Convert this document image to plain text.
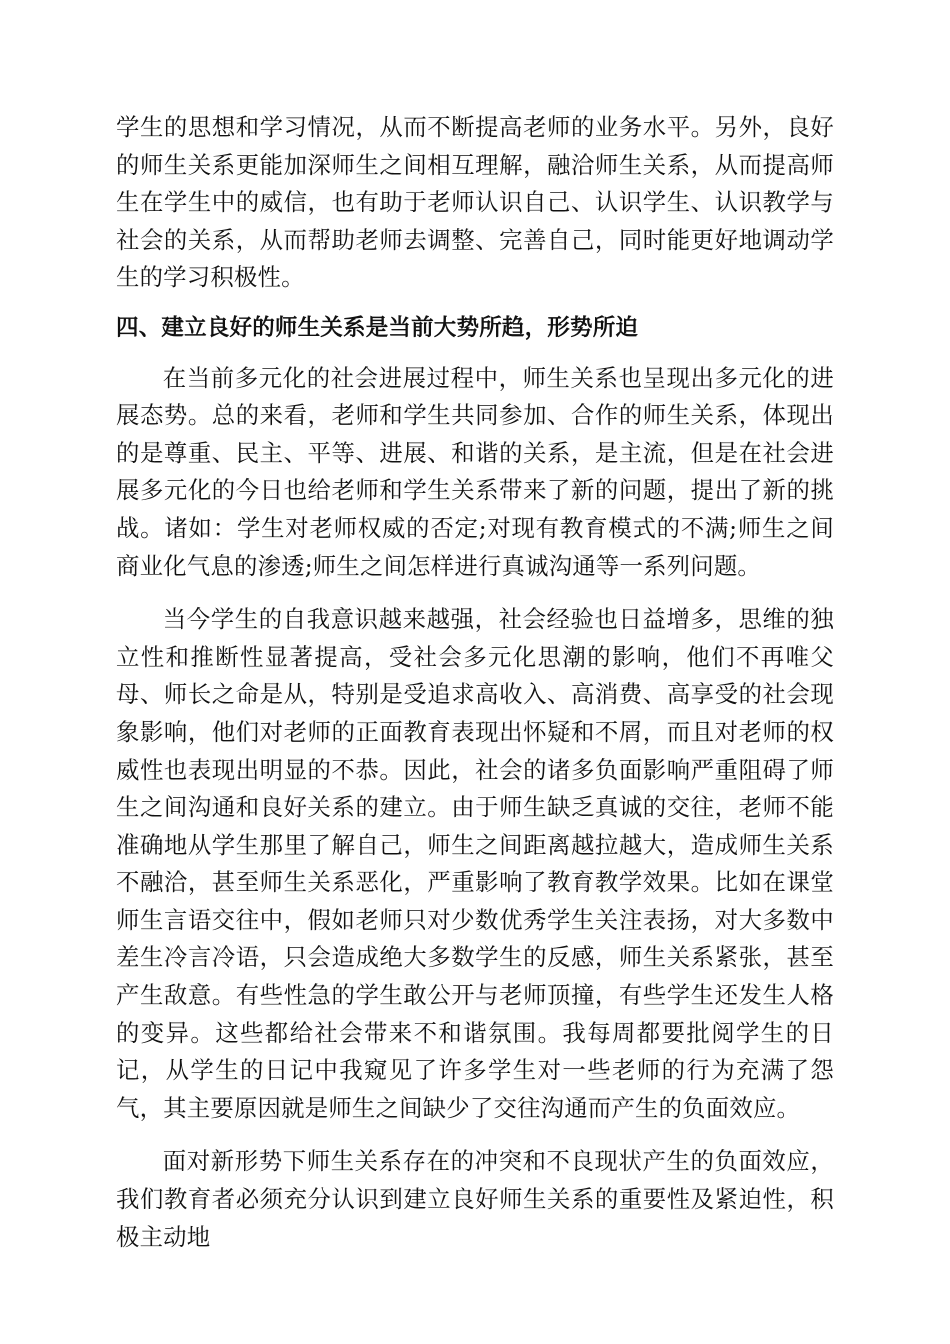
学生的思想和学习情况，从而不断提高老师的业务水平。另外，良好的师生关系更能加深师生之间相互理解，融洽师生关系，从而提高师生在学生中的威信，也有助于老师认识自己、认识学生、认识教学与社会的关系，从而帮助老师去调整、完善自己，同时能更好地调动学生的学习积极性。

四、建立良好的师生关系是当前大势所趋，形势所迫

在当前多元化的社会进展过程中，师生关系也呈现出多元化的进展态势。总的来看，老师和学生共同参加、合作的师生关系，体现出的是尊重、民主、平等、进展、和谐的关系，是主流，但是在社会进展多元化的今日也给老师和学生关系带来了新的问题，提出了新的挑战。诸如：学生对老师权威的否定;对现有教育模式的不满;师生之间商业化气息的渗透;师生之间怎样进行真诚沟通等一系列问题。

当今学生的自我意识越来越强，社会经验也日益增多，思维的独立性和推断性显著提高，受社会多元化思潮的影响，他们不再唯父母、师长之命是从，特别是受追求高收入、高消费、高享受的社会现象影响，他们对老师的正面教育表现出怀疑和不屑，而且对老师的权威性也表现出明显的不恭。因此，社会的诸多负面影响严重阻碍了师生之间沟通和良好关系的建立。由于师生缺乏真诚的交往，老师不能准确地从学生那里了解自己，师生之间距离越拉越大，造成师生关系不融洽，甚至师生关系恶化，严重影响了教育教学效果。比如在课堂师生言语交往中，假如老师只对少数优秀学生关注表扬，对大多数中差生冷言冷语，只会造成绝大多数学生的反感，师生关系紧张，甚至产生敌意。有些性急的学生敢公开与老师顶撞，有些学生还发生人格的变异。这些都给社会带来不和谐氛围。我每周都要批阅学生的日记，从学生的日记中我窥见了许多学生对一些老师的行为充满了怨气，其主要原因就是师生之间缺少了交往沟通而产生的负面效应。

面对新形势下师生关系存在的冲突和不良现状产生的负面效应，我们教育者必须充分认识到建立良好师生关系的重要性及紧迫性，积极主动地
